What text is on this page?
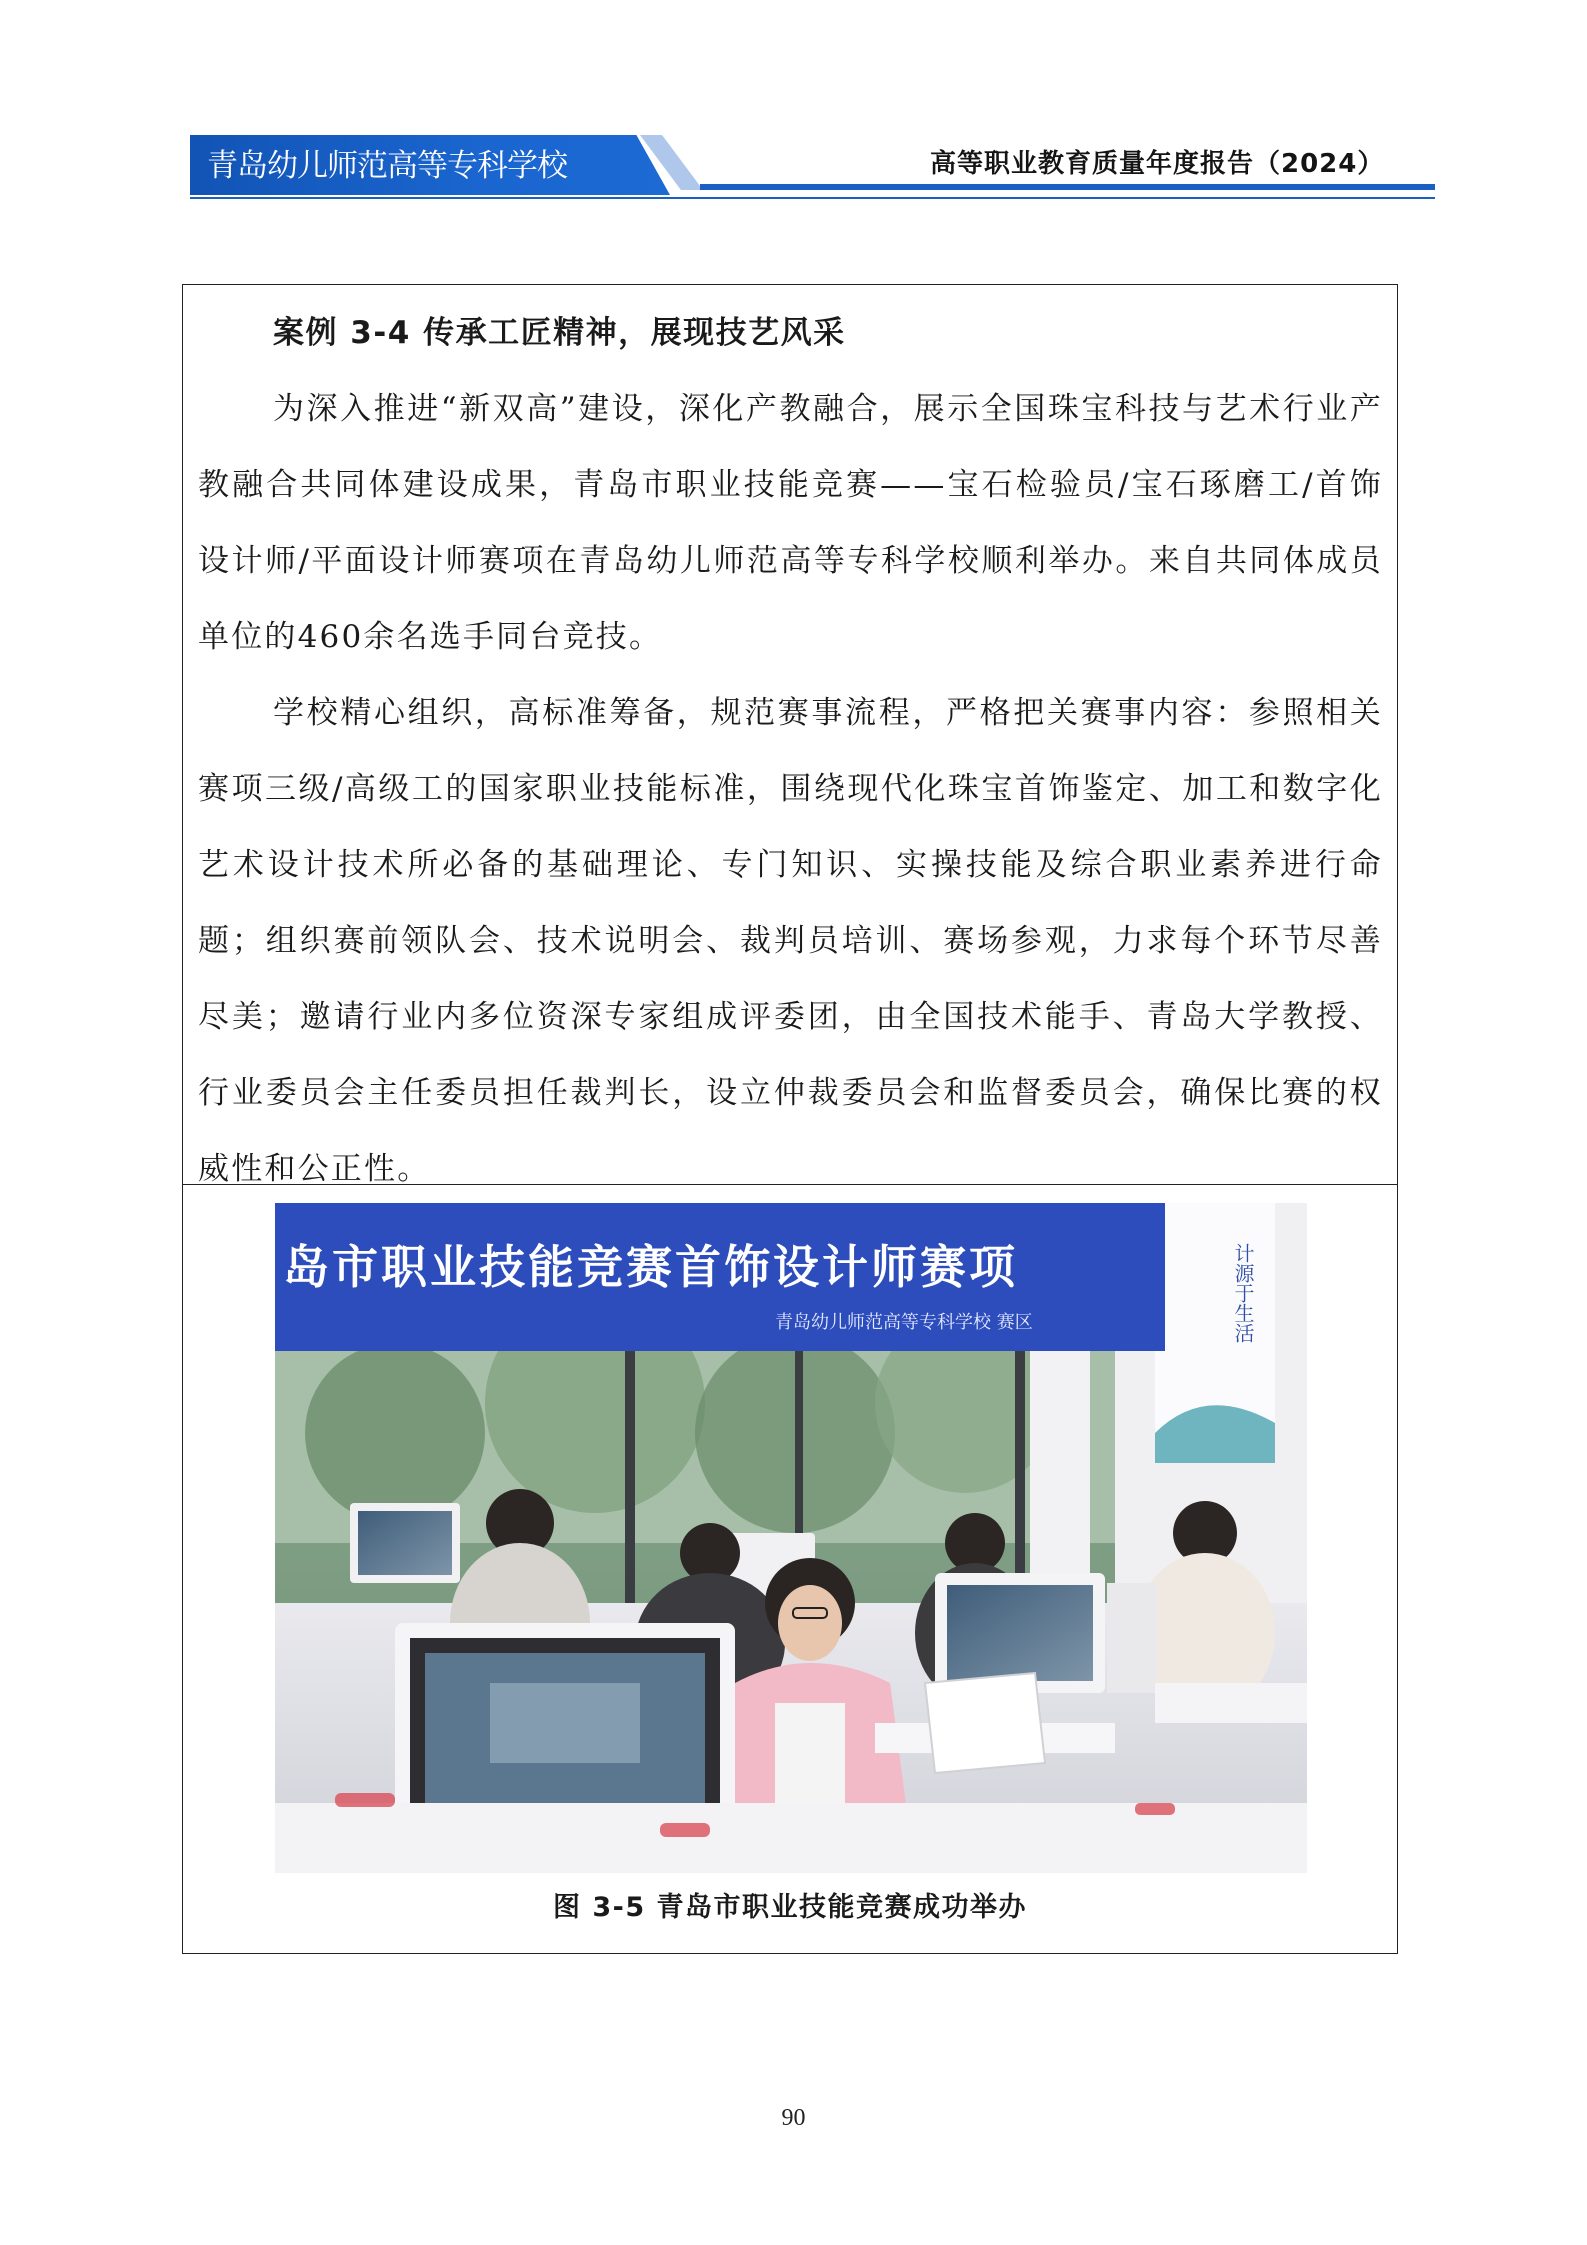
青岛幼儿师范高等专科学校	高等职业教育质量年度报告（2024）
案例 3-4 传承工匠精神，展现技艺风采

为深入推进“新双高”建设，深化产教融合，展示全国珠宝科技与艺术行业产教融合共同体建设成果，青岛市职业技能竞赛——宝石检验员/宝石琢磨工/首饰设计师/平面设计师赛项在青岛幼儿师范高等专科学校顺利举办。来自共同体成员单位的460余名选手同台竞技。

学校精心组织，高标准筹备，规范赛事流程，严格把关赛事内容：参照相关赛项三级/高级工的国家职业技能标准，围绕现代化珠宝首饰鉴定、加工和数字化艺术设计技术所必备的基础理论、专门知识、实操技能及综合职业素养进行命题；组织赛前领队会、技术说明会、裁判员培训、赛场参观，力求每个环节尽善尽美；邀请行业内多位资深专家组成评委团，由全国技术能手、青岛大学教授、行业委员会主任委员担任裁判长，设立仲裁委员会和监督委员会，确保比赛的权威性和公正性。

计源于生活
岛市职业技能竞赛首饰设计师赛项
青岛幼儿师范高等专科学校 赛区
图 3-5 青岛市职业技能竞赛成功举办
90
